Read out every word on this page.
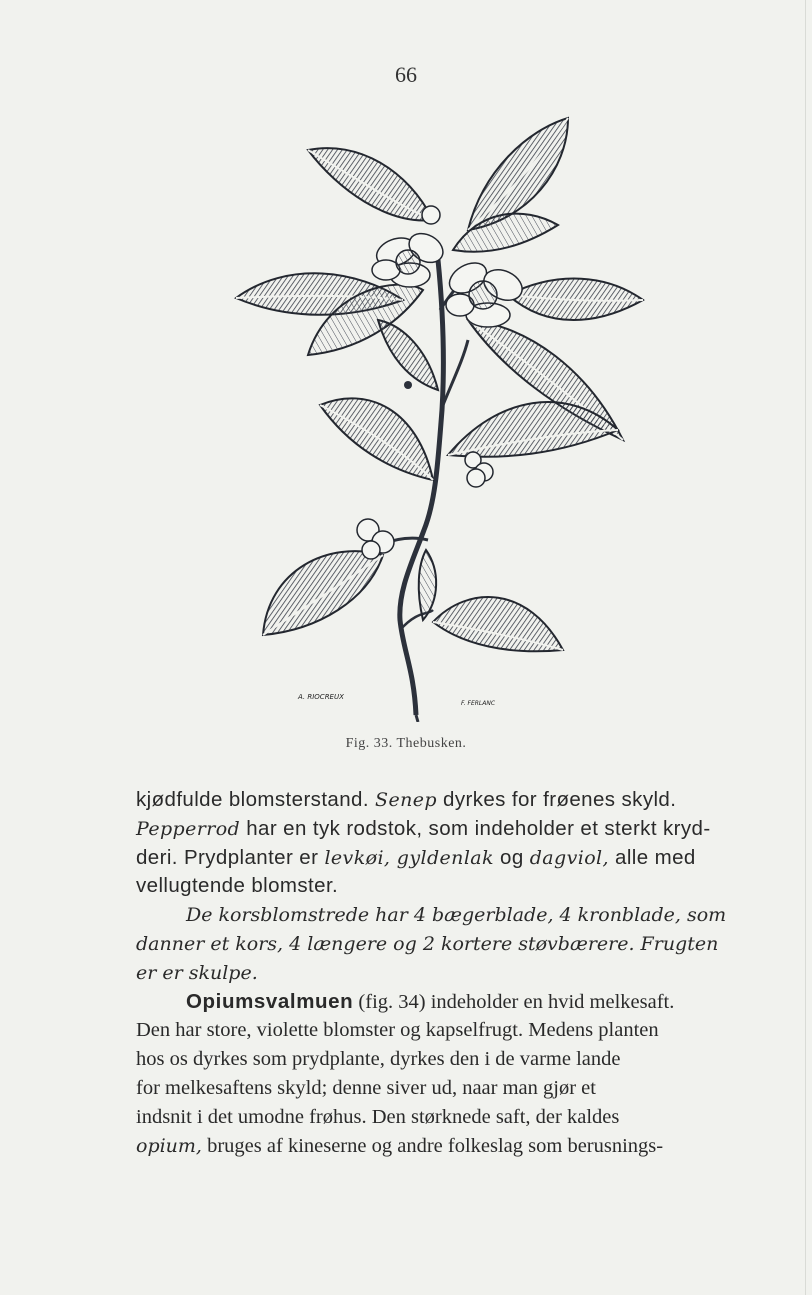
66
A. RIOCREUX
F. FERLANC
Fig. 33. Thebusken.

kjødfulde blomsterstand. Senep dyrkes for frøenes skyld.
Pepperrod har en tyk rodstok, som indeholder et sterkt kryd-
deri. Prydplanter er levkøi, gyldenlak og dagviol, alle med
vellugtende blomster.

De korsblomstrede har 4 bægerblade, 4 kronblade, som
danner et kors, 4 længere og 2 kortere støvbærere. Frugten
er er skulpe.

Opiumsvalmuen (fig. 34) indeholder en hvid melkesaft.
Den har store, violette blomster og kapselfrugt. Medens planten
hos os dyrkes som prydplante, dyrkes den i de varme lande
for melkesaftens skyld; denne siver ud, naar man gjør et
indsnit i det umodne frøhus. Den størknede saft, der kaldes
opium, bruges af kineserne og andre folkeslag som berusnings-
